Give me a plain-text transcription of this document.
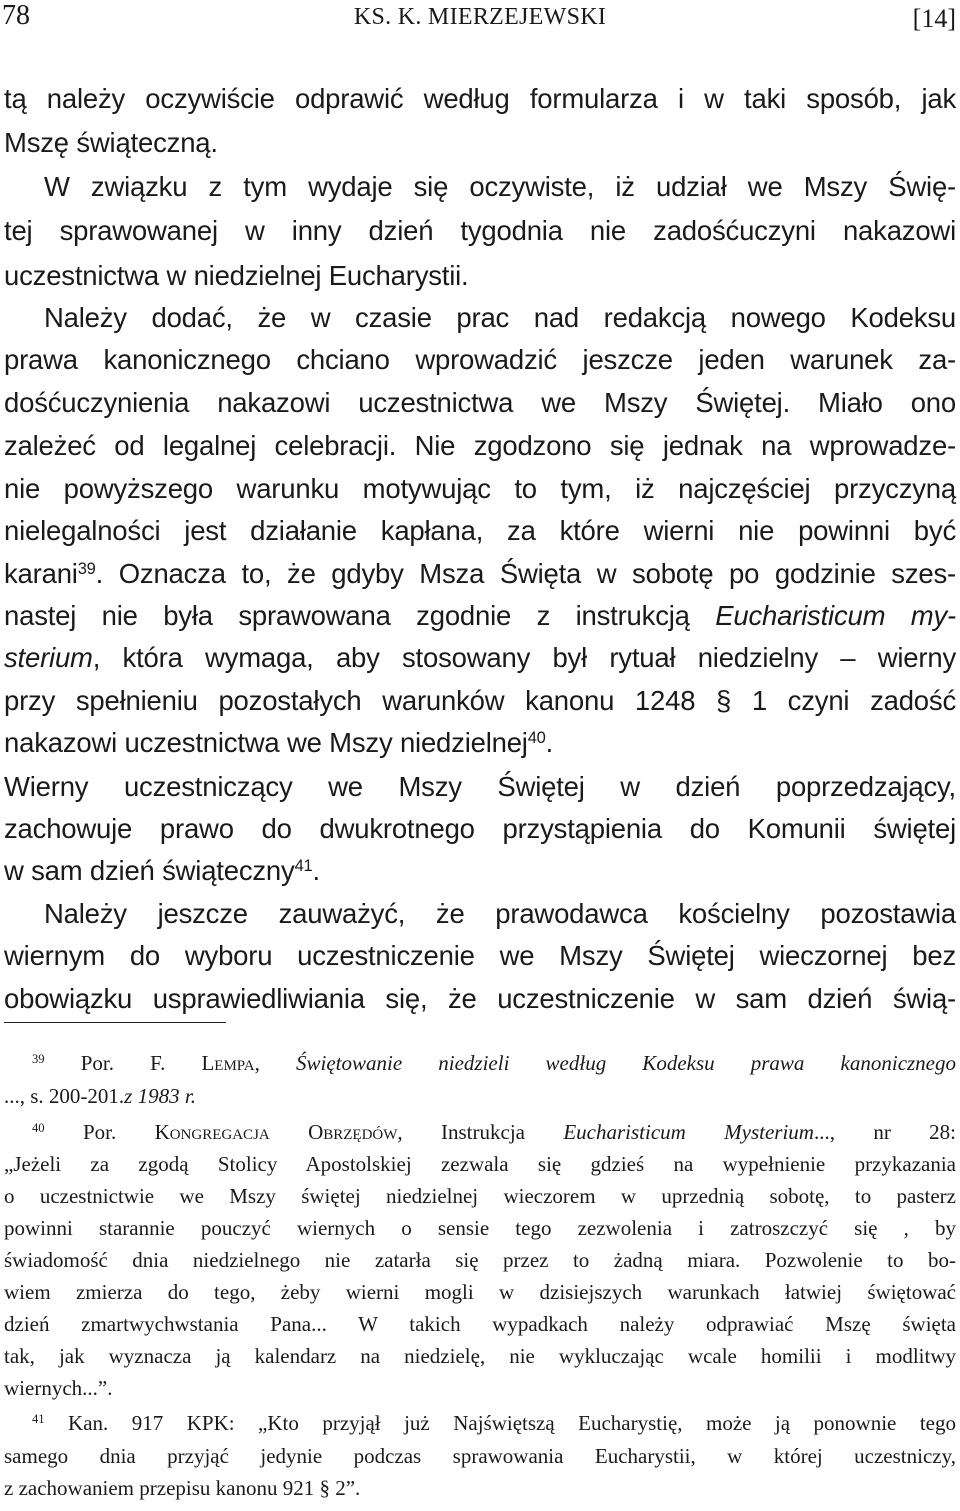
78	KS. K. MIERZEJEWSKI	[14]
tą należy oczywiście odprawić według formularza i w taki sposób, jak
Mszę świąteczną.
W związku z tym wydaje się oczywiste, iż udział we Mszy Świę-
tej sprawowanej w inny dzień tygodnia nie zadośćuczyni nakazowi
uczestnictwa w niedzielnej Eucharystii.
Należy dodać, że w czasie prac nad redakcją nowego Kodeksu
prawa kanonicznego chciano wprowadzić jeszcze jeden warunek za-
dośćuczynienia nakazowi uczestnictwa we Mszy Świętej. Miało ono
zależeć od legalnej celebracji. Nie zgodzono się jednak na wprowadze-
nie powyższego warunku motywując to tym, iż najczęściej przyczyną
nielegalności jest działanie kapłana, za które wierni nie powinni być
karani$^{39}$. Oznacza to, że gdyby Msza Święta w sobotę po godzinie szes-
nastej nie była sprawowana zgodnie z instrukcją Eucharisticum my-
sterium, która wymaga, aby stosowany był rytuał niedzielny – wierny
przy spełnieniu pozostałych warunków kanonu 1248 § 1 czyni zadość
nakazowi uczestnictwa we Mszy niedzielnej$^{40}$.
Wierny uczestniczący we Mszy Świętej w dzień poprzedzający,
zachowuje prawo do dwukrotnego przystąpienia do Komunii świętej
w sam dzień świąteczny$^{41}$.
Należy jeszcze zauważyć, że prawodawca kościelny pozostawia
wiernym do wyboru uczestniczenie we Mszy Świętej wieczornej bez
obowiązku usprawiedliwiania się, że uczestniczenie w sam dzień świą-
$^{39}$ Por. F. Lempa, Świętowanie niedzieli według Kodeksu prawa kanonicznego
..., s. 200-201.z 1983 r.
$^{40}$ Por. Kongregacja Obrzędów, Instrukcja Eucharisticum Mysterium..., nr 28:
„Jeżeli za zgodą Stolicy Apostolskiej zezwala się gdzieś na wypełnienie przykazania
o uczestnictwie we Mszy świętej niedzielnej wieczorem w uprzednią sobotę, to pasterz
powinni starannie pouczyć wiernych o sensie tego zezwolenia i zatroszczyć się , by
świadomość dnia niedzielnego nie zatarła się przez to żadną miara. Pozwolenie to bo-
wiem zmierza do tego, żeby wierni mogli w dzisiejszych warunkach łatwiej świętować
dzień zmartwychwstania Pana... W takich wypadkach należy odprawiać Mszę święta
tak, jak wyznacza ją kalendarz na niedzielę, nie wykluczając wcale homilii i modlitwy
wiernych...”.
$^{41}$ Kan. 917 KPK: „Kto przyjął już Najświętszą Eucharystię, może ją ponownie tego
samego dnia przyjąć jedynie podczas sprawowania Eucharystii, w której uczestniczy,
z zachowaniem przepisu kanonu 921 § 2”.
